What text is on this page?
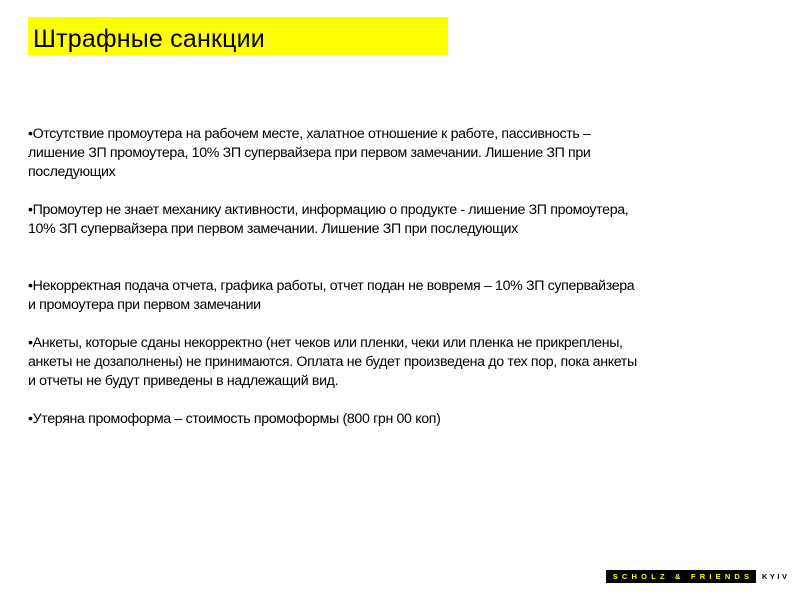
Штрафные санкции

•Отсутствие промоутера на рабочем месте, халатное отношение к работе, пассивность –
лишение ЗП промоутера, 10% ЗП супервайзера при первом замечании. Лишение ЗП при
последующих

•Промоутер не знает механику активности, информацию о продукте - лишение ЗП промоутера,
10% ЗП супервайзера при первом замечании. Лишение ЗП при последующих

•Некорректная подача отчета, графика работы, отчет подан не вовремя – 10% ЗП супервайзера
и промоутера при первом замечании

•Анкеты, которые сданы некорректно (нет чеков или пленки, чеки или пленка не прикреплены,
анкеты не дозаполнены) не принимаются. Оплата не будет произведена до тех пор, пока анкеты
и отчеты не будут приведены в надлежащий вид.

•Утеряна промоформа – стоимость промоформы (800 грн 00 коп)

SCHOLZ & FRIENDS	KYIV
